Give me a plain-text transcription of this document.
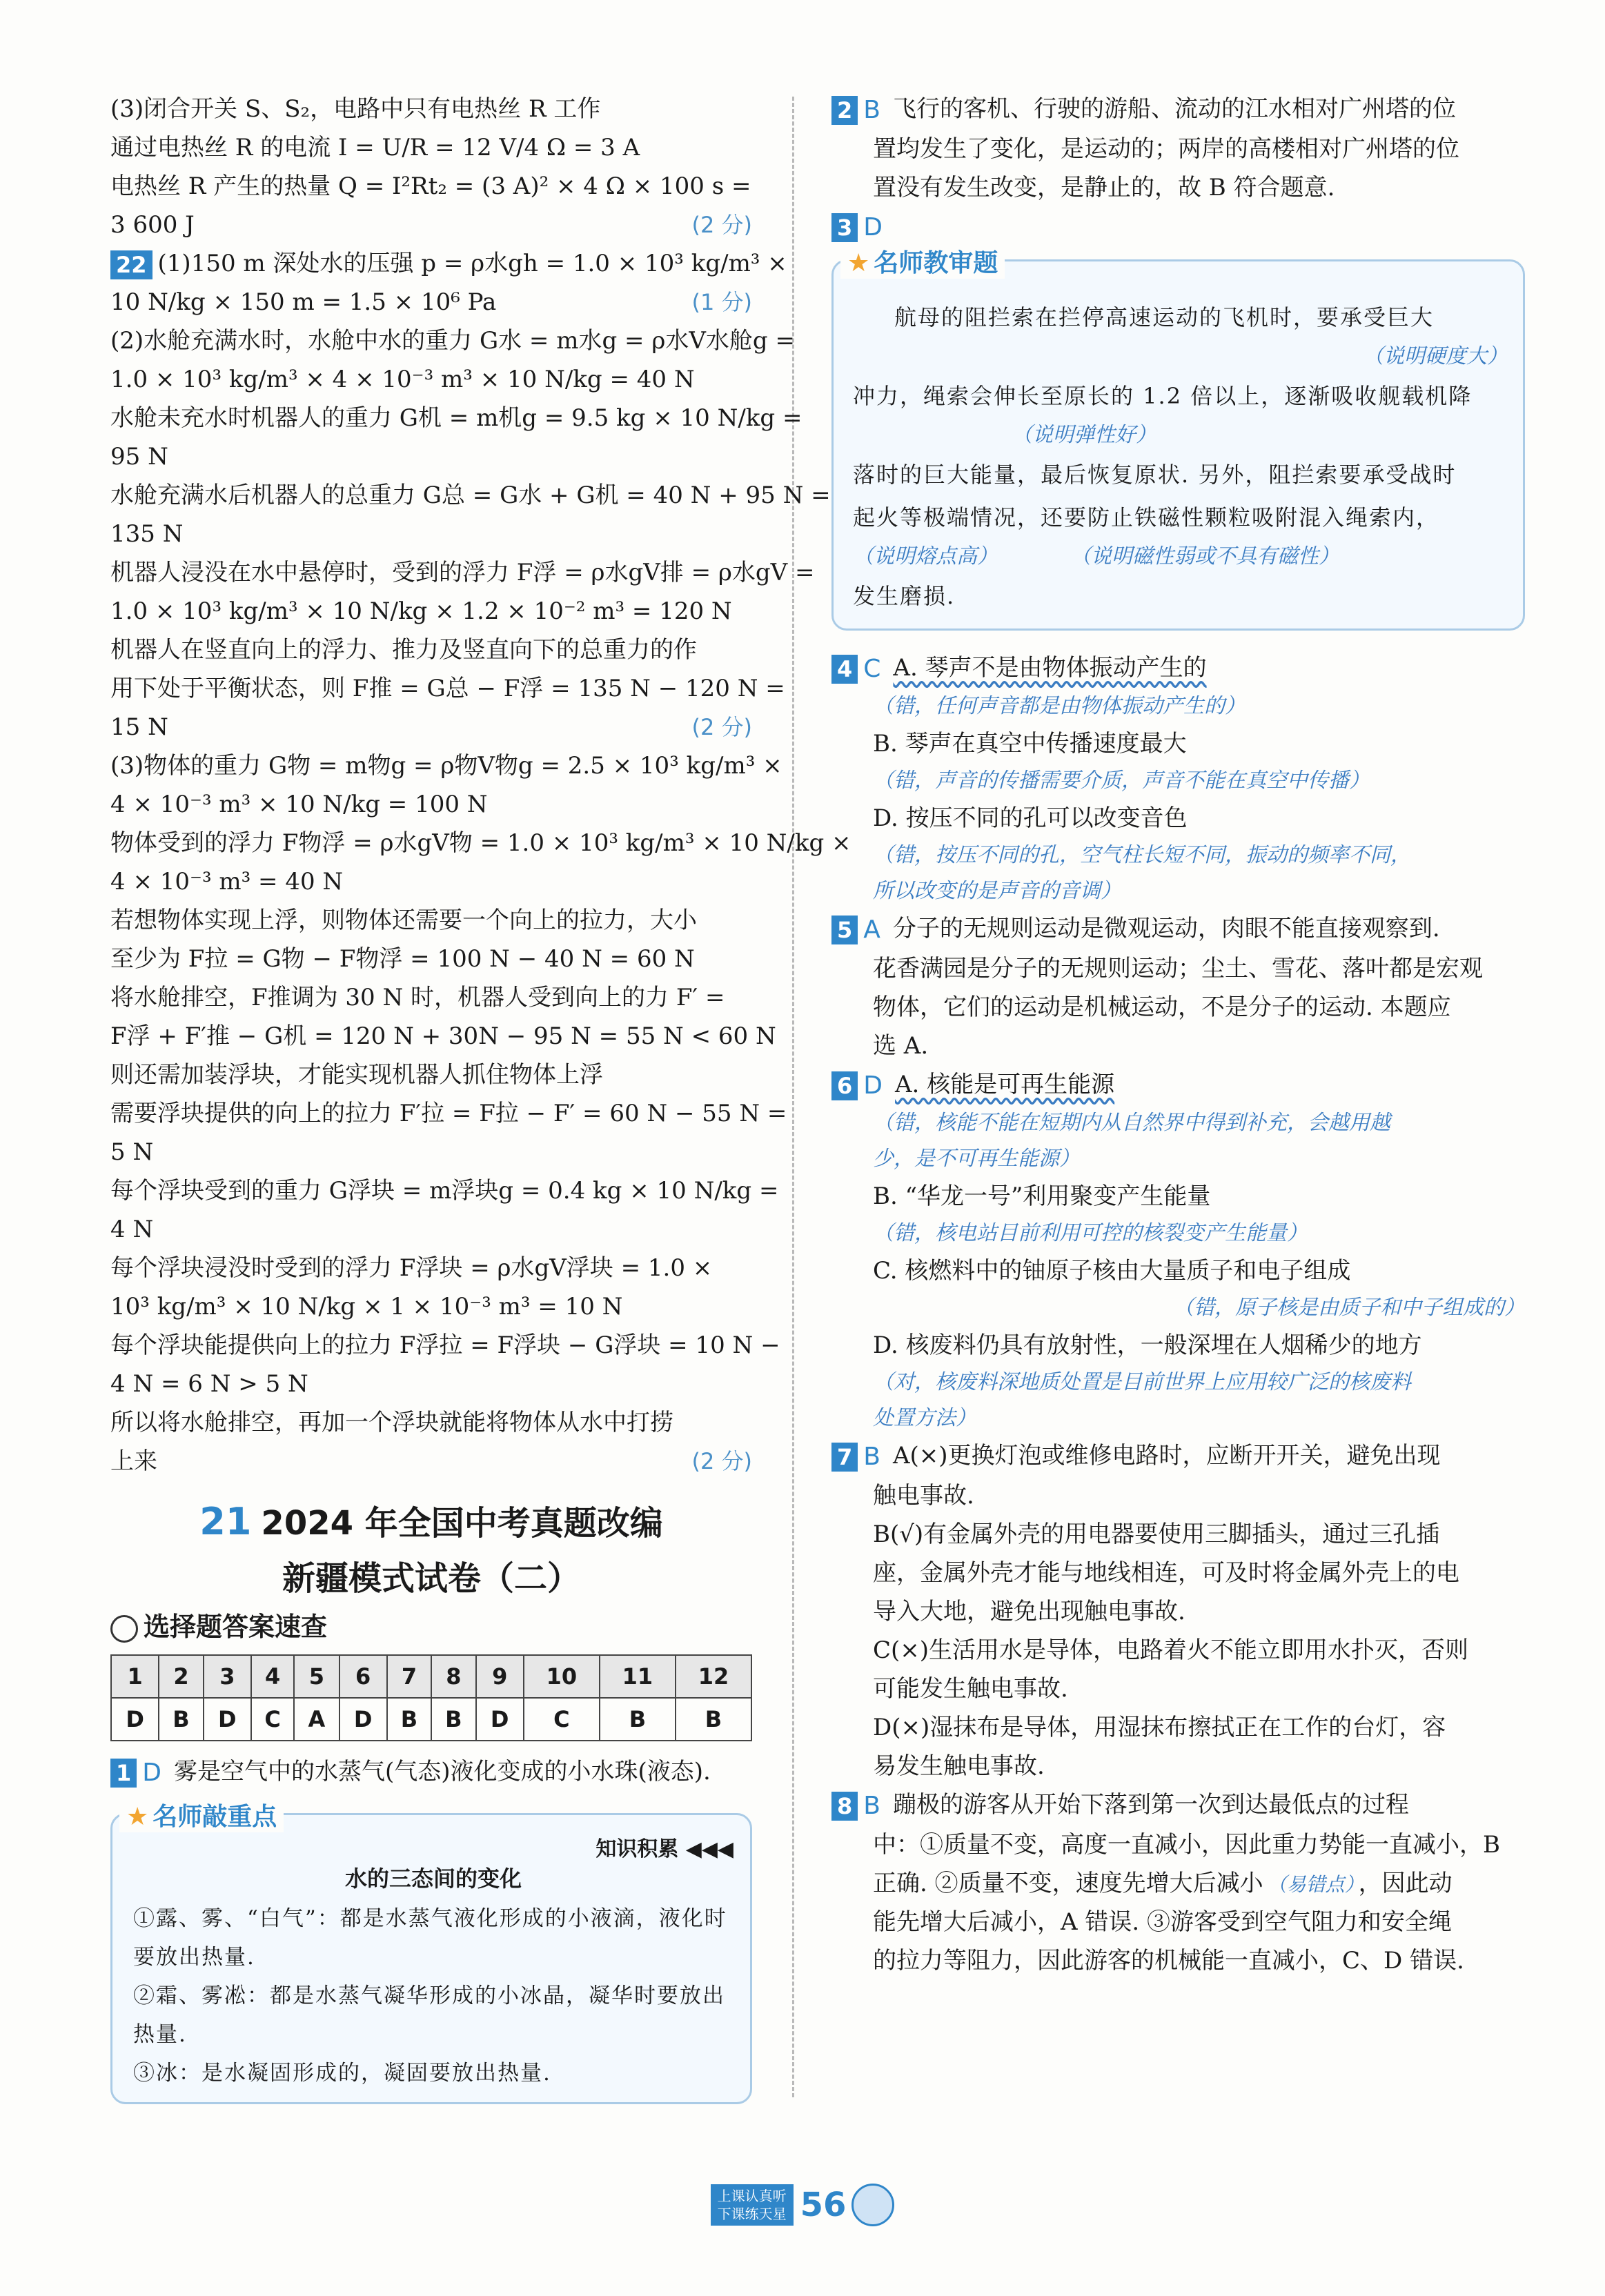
(3)闭合开关 S、S₂，电路中只有电热丝 R 工作
通过电热丝 R 的电流 I = U/R = 12 V/4 Ω = 3 A
电热丝 R 产生的热量 Q = I²Rt₂ = (3 A)² × 4 Ω × 100 s =
3 600 J	(2 分)
22 (1)150 m 深处水的压强 p = ρ水gh = 1.0 × 10³ kg/m³ ×
10 N/kg × 150 m = 1.5 × 10⁶ Pa	(1 分)
(2)水舱充满水时，水舱中水的重力 G水 = m水g = ρ水V水舱g =
1.0 × 10³ kg/m³ × 4 × 10⁻³ m³ × 10 N/kg = 40 N
水舱未充水时机器人的重力 G机 = m机g = 9.5 kg × 10 N/kg =
95 N
水舱充满水后机器人的总重力 G总 = G水 + G机 = 40 N + 95 N =
135 N
机器人浸没在水中悬停时，受到的浮力 F浮 = ρ水gV排 = ρ水gV =
1.0 × 10³ kg/m³ × 10 N/kg × 1.2 × 10⁻² m³ = 120 N
机器人在竖直向上的浮力、推力及竖直向下的总重力的作
用下处于平衡状态，则 F推 = G总 − F浮 = 135 N − 120 N =
15 N	(2 分)
(3)物体的重力 G物 = m物g = ρ物V物g = 2.5 × 10³ kg/m³ ×
4 × 10⁻³ m³ × 10 N/kg = 100 N
物体受到的浮力 F物浮 = ρ水gV物 = 1.0 × 10³ kg/m³ × 10 N/kg ×
4 × 10⁻³ m³ = 40 N
若想物体实现上浮，则物体还需要一个向上的拉力，大小
至少为 F拉 = G物 − F物浮 = 100 N − 40 N = 60 N
将水舱排空，F推调为 30 N 时，机器人受到向上的力 F′ =
F浮 + F′推 − G机 = 120 N + 30N − 95 N = 55 N < 60 N
则还需加装浮块，才能实现机器人抓住物体上浮
需要浮块提供的向上的拉力 F′拉 = F拉 − F′ = 60 N − 55 N =
5 N
每个浮块受到的重力 G浮块 = m浮块g = 0.4 kg × 10 N/kg =
4 N
每个浮块浸没时受到的浮力 F浮块 = ρ水gV浮块 = 1.0 ×
10³ kg/m³ × 10 N/kg × 1 × 10⁻³ m³ = 10 N
每个浮块能提供向上的拉力 F浮拉 = F浮块 − G浮块 = 10 N −
4 N = 6 N > 5 N
所以将水舱排空，再加一个浮块就能将物体从水中打捞
上来	(2 分)
21 2024 年全国中考真题改编
新疆模式试卷（二）
选择题答案速查
1	2	3	4	5	6	7	8	9	10	11	12
D	B	D	C	A	D	B	B	D	C	B	B
1 D 雾是空气中的水蒸气(气态)液化变成的小水珠(液态).
★ 名师敲重点
知识积累 ◀◀◀
水的三态间的变化
①露、雾、“白气”：都是水蒸气液化形成的小液滴，液化时
要放出热量.
②霜、雾凇：都是水蒸气凝华形成的小冰晶，凝华时要放出
热量.
③冰：是水凝固形成的，凝固要放出热量.
2 B 飞行的客机、行驶的游船、流动的江水相对广州塔的位
置均发生了变化，是运动的；两岸的高楼相对广州塔的位
置没有发生改变，是静止的，故 B 符合题意.
3 D
★ 名师教审题
航母的阻拦索在拦停高速运动的飞机时，要承受巨大
（说明硬度大）
冲力，绳索会伸长至原长的 1.2 倍以上，逐渐吸收舰载机降
（说明弹性好）
落时的巨大能量，最后恢复原状. 另外，阻拦索要承受战时
起火等极端情况，还要防止铁磁性颗粒吸附混入绳索内，
（说明熔点高）	（说明磁性弱或不具有磁性）
发生磨损.
4 C A. 琴声不是由物体振动产生的
（错，任何声音都是由物体振动产生的）
B. 琴声在真空中传播速度最大
（错，声音的传播需要介质，声音不能在真空中传播）
D. 按压不同的孔可以改变音色
（错，按压不同的孔，空气柱长短不同，振动的频率不同，
所以改变的是声音的音调）
5 A 分子的无规则运动是微观运动，肉眼不能直接观察到.
花香满园是分子的无规则运动；尘土、雪花、落叶都是宏观
物体，它们的运动是机械运动，不是分子的运动. 本题应
选 A.
6 D A. 核能是可再生能源
（错，核能不能在短期内从自然界中得到补充，会越用越
少，是不可再生能源）
B. “华龙一号”利用聚变产生能量
（错，核电站目前利用可控的核裂变产生能量）
C. 核燃料中的铀原子核由大量质子和电子组成
（错，原子核是由质子和中子组成的）
D. 核废料仍具有放射性，一般深埋在人烟稀少的地方
（对，核废料深地质处置是目前世界上应用较广泛的核废料
处置方法）
7 B A(×)更换灯泡或维修电路时，应断开开关，避免出现
触电事故.
B(√)有金属外壳的用电器要使用三脚插头，通过三孔插
座，金属外壳才能与地线相连，可及时将金属外壳上的电
导入大地，避免出现触电事故.
C(×)生活用水是导体，电路着火不能立即用水扑灭，否则
可能发生触电事故.
D(×)湿抹布是导体，用湿抹布擦拭正在工作的台灯，容
易发生触电事故.
8 B 蹦极的游客从开始下落到第一次到达最低点的过程
中：①质量不变，高度一直减小，因此重力势能一直减小，B
正确. ②质量不变，速度先增大后减小 （易错点） ，因此动
能先增大后减小，A 错误. ③游客受到空气阻力和安全绳
的拉力等阻力，因此游客的机械能一直减小，C、D 错误.
上课认真听
下课练天星 56
